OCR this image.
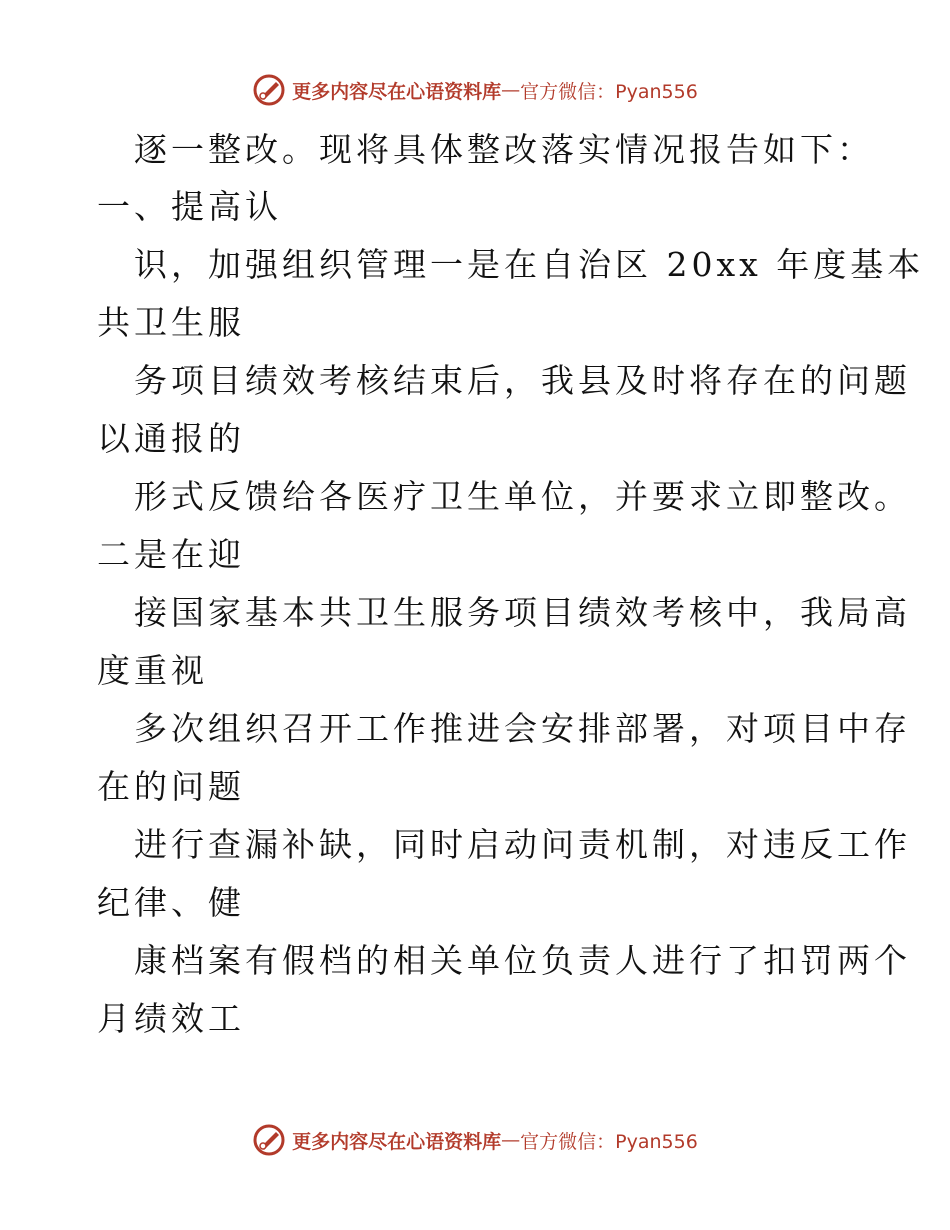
更多内容尽在心语资料库 — 官方微信：Pyan556
逐一整改。现将具体整改落实情况报告如下：
一、提高认
识，加强组织管理一是在自治区 20xx 年度基本
共卫生服
务项目绩效考核结束后，我县及时将存在的问题
以通报的
形式反馈给各医疗卫生单位，并要求立即整改。
二是在迎
接国家基本共卫生服务项目绩效考核中，我局高
度重视
多次组织召开工作推进会安排部署，对项目中存
在的问题
进行查漏补缺，同时启动问责机制，对违反工作
纪律、健
康档案有假档的相关单位负责人进行了扣罚两个
月绩效工
更多内容尽在心语资料库 — 官方微信：Pyan556
